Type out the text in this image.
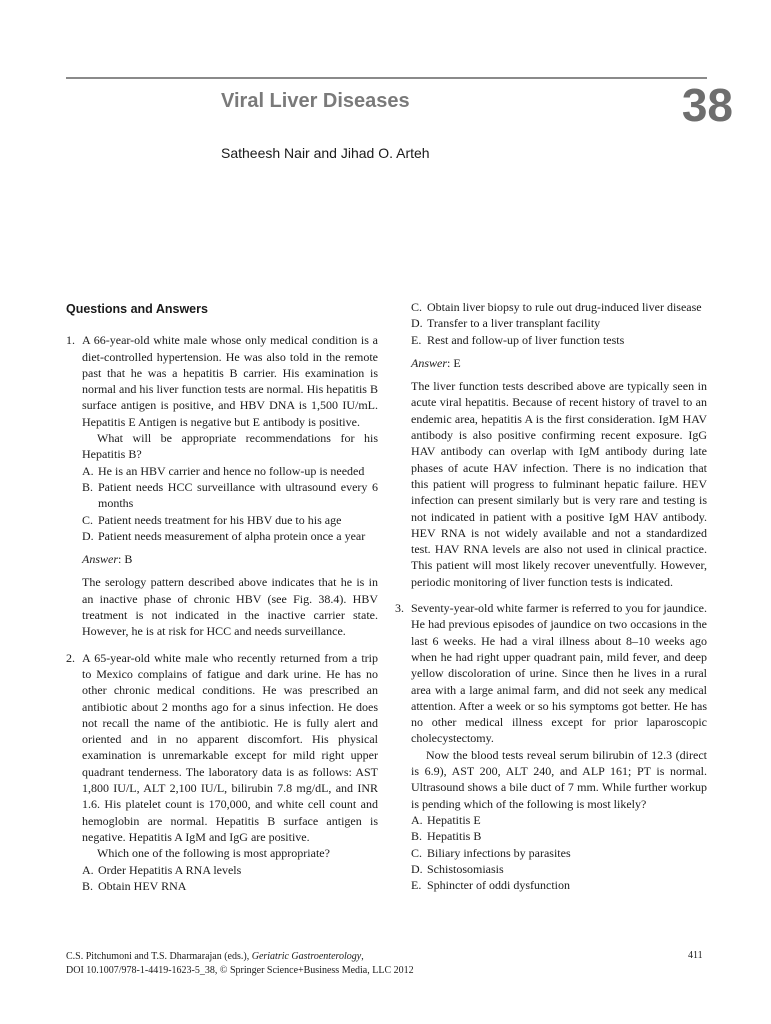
Viral Liver Diseases	38
Satheesh Nair and Jihad O. Arteh
Questions and Answers
1. A 66-year-old white male whose only medical condition is a diet-controlled hypertension. He was also told in the remote past that he was a hepatitis B carrier. His examination is normal and his liver function tests are normal. His hepatitis B surface antigen is positive, and HBV DNA is 1,500 IU/mL. Hepatitis E Antigen is negative but E antibody is positive.

What will be appropriate recommendations for his Hepatitis B?

A. He is an HBV carrier and hence no follow-up is needed
B. Patient needs HCC surveillance with ultrasound every 6 months
C. Patient needs treatment for his HBV due to his age
D. Patient needs measurement of alpha protein once a year
Answer: B

The serology pattern described above indicates that he is in an inactive phase of chronic HBV (see Fig. 38.4). HBV treatment is not indicated in the inactive carrier state. However, he is at risk for HCC and needs surveillance.

2. A 65-year-old white male who recently returned from a trip to Mexico complains of fatigue and dark urine. He has no other chronic medical conditions. He was prescribed an antibiotic about 2 months ago for a sinus infection. He does not recall the name of the antibiotic. He is fully alert and oriented and in no apparent discomfort. His physical examination is unremarkable except for mild right upper quadrant tenderness. The laboratory data is as follows: AST 1,800 IU/L, ALT 2,100 IU/L, bilirubin 7.8 mg/dL, and INR 1.6. His platelet count is 170,000, and white cell count and hemoglobin are normal. Hepatitis B surface antigen is negative. Hepatitis A IgM and IgG are positive.

Which one of the following is most appropriate?

A. Order Hepatitis A RNA levels
B. Obtain HEV RNA
C. Obtain liver biopsy to rule out drug-induced liver disease
D. Transfer to a liver transplant facility
E. Rest and follow-up of liver function tests
Answer: E

The liver function tests described above are typically seen in acute viral hepatitis. Because of recent history of travel to an endemic area, hepatitis A is the first consideration. IgM HAV antibody is also positive confirming recent exposure. IgG HAV antibody can overlap with IgM antibody during late phases of acute HAV infection. There is no indication that this patient will progress to fulminant hepatic failure. HEV infection can present similarly but is very rare and testing is not indicated in patient with a positive IgM HAV antibody. HEV RNA is not widely available and not a standardized test. HAV RNA levels are also not used in clinical practice. This patient will most likely recover uneventfully. However, periodic monitoring of liver function tests is indicated.

3. Seventy-year-old white farmer is referred to you for jaundice. He had previous episodes of jaundice on two occasions in the last 6 weeks. He had a viral illness about 8–10 weeks ago when he had right upper quadrant pain, mild fever, and deep yellow discoloration of urine. Since then he lives in a rural area with a large animal farm, and did not seek any medical attention. After a week or so his symptoms got better. He has no other medical illness except for prior laparoscopic cholecystectomy.

Now the blood tests reveal serum bilirubin of 12.3 (direct is 6.9), AST 200, ALT 240, and ALP 161; PT is normal. Ultrasound shows a bile duct of 7 mm. While further workup is pending which of the following is most likely?

A. Hepatitis E
B. Hepatitis B
C. Biliary infections by parasites
D. Schistosomiasis
E. Sphincter of oddi dysfunction
C.S. Pitchumoni and T.S. Dharmarajan (eds.), Geriatric Gastroenterology,
DOI 10.1007/978-1-4419-1623-5_38, © Springer Science+Business Media, LLC 2012
411
